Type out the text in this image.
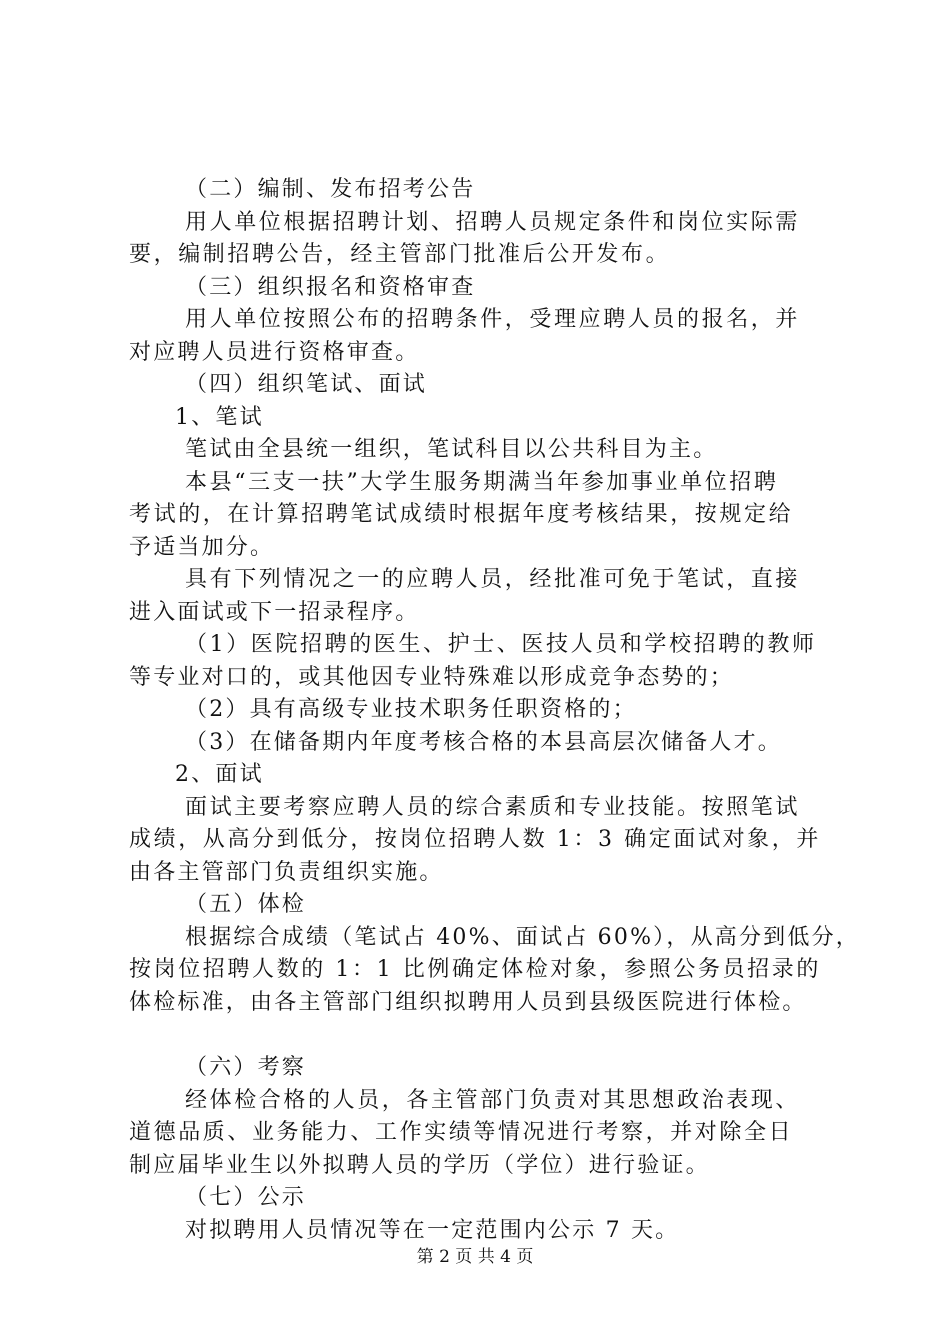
（二）编制、发布招考公告
用人单位根据招聘计划、招聘人员规定条件和岗位实际需
要，编制招聘公告，经主管部门批准后公开发布。
（三）组织报名和资格审查
用人单位按照公布的招聘条件，受理应聘人员的报名，并
对应聘人员进行资格审查。
（四）组织笔试、面试
1、笔试
笔试由全县统一组织，笔试科目以公共科目为主。
本县“三支一扶”大学生服务期满当年参加事业单位招聘
考试的，在计算招聘笔试成绩时根据年度考核结果，按规定给
予适当加分。
具有下列情况之一的应聘人员，经批准可免于笔试，直接
进入面试或下一招录程序。
（1）医院招聘的医生、护士、医技人员和学校招聘的教师
等专业对口的，或其他因专业特殊难以形成竞争态势的；
（2）具有高级专业技术职务任职资格的；
（3）在储备期内年度考核合格的本县高层次储备人才。
2、面试
面试主要考察应聘人员的综合素质和专业技能。按照笔试
成绩，从高分到低分，按岗位招聘人数 1：3 确定面试对象，并
由各主管部门负责组织实施。
（五）体检
根据综合成绩（笔试占 40%、面试占 60%），从高分到低分，
按岗位招聘人数的 1：1 比例确定体检对象，参照公务员招录的
体检标准，由各主管部门组织拟聘用人员到县级医院进行体检。
（六）考察
经体检合格的人员，各主管部门负责对其思想政治表现、
道德品质、业务能力、工作实绩等情况进行考察，并对除全日
制应届毕业生以外拟聘人员的学历（学位）进行验证。
（七）公示
对拟聘用人员情况等在一定范围内公示 7 天。
第 2 页 共 4 页
